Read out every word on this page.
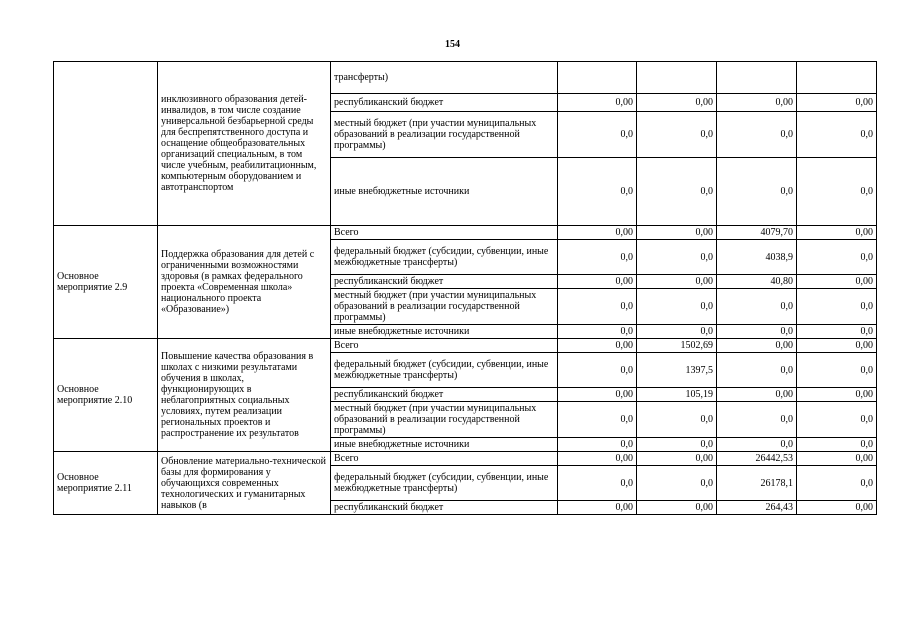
154
	инклюзивного образования детей-инвалидов, в том числе создание универсальной безбарьерной среды для беспрепятственного доступа и оснащение общеобразовательных организаций специальным, в том числе учебным, реабилитационным, компьютерным оборудованием и автотранспортом	трансферты)				
		республиканский бюджет	0,00	0,00	0,00	0,00
		местный бюджет (при участии муниципальных образований в реализации государственной программы)	0,0	0,0	0,0	0,0
		иные внебюджетные источники	0,0	0,0	0,0	0,0
Основное мероприятие 2.9	Поддержка образования для детей с ограниченными возможностями здоровья (в рамках федерального проекта «Современная школа» национального проекта «Образование»)	Всего	0,00	0,00	4079,70	0,00
		федеральный бюджет (субсидии, субвенции, иные межбюджетные трансферты)	0,0	0,0	4038,9	0,0
		республиканский бюджет	0,00	0,00	40,80	0,00
		местный бюджет (при участии муниципальных образований в реализации государственной программы)	0,0	0,0	0,0	0,0
		иные внебюджетные источники	0,0	0,0	0,0	0,0
Основное мероприятие 2.10	Повышение качества образования в школах с низкими результатами обучения в школах, функционирующих в неблагоприятных социальных условиях, путем реализации региональных проектов и распространение их результатов	Всего	0,00	1502,69	0,00	0,00
		федеральный бюджет (субсидии, субвенции, иные межбюджетные трансферты)	0,0	1397,5	0,0	0,0
		республиканский бюджет	0,00	105,19	0,00	0,00
		местный бюджет (при участии муниципальных образований в реализации государственной программы)	0,0	0,0	0,0	0,0
		иные внебюджетные источники	0,0	0,0	0,0	0,0
Основное мероприятие 2.11	Обновление материально-технической базы для формирования у обучающихся современных технологических и гуманитарных навыков (в	Всего	0,00	0,00	26442,53	0,00
		федеральный бюджет (субсидии, субвенции, иные межбюджетные трансферты)	0,0	0,0	26178,1	0,0
		республиканский бюджет	0,00	0,00	264,43	0,00
